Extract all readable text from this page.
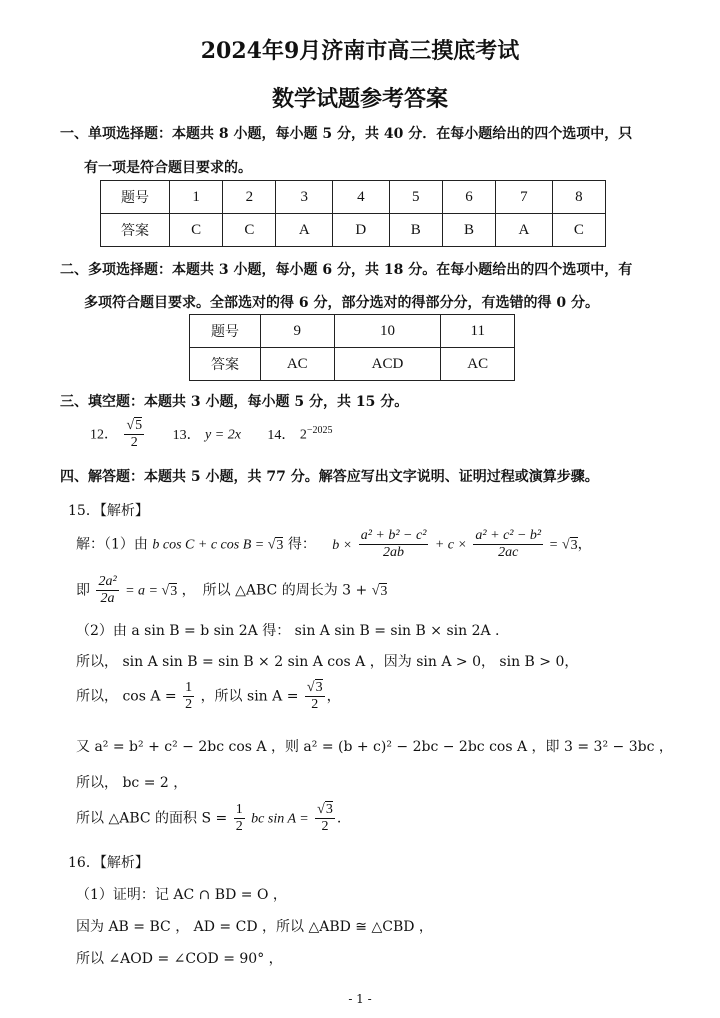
2024年9月济南市高三摸底考试
数学试题参考答案
一、单项选择题：本题共 8 小题，每小题 5 分，共 40 分．在每小题给出的四个选项中，只
有一项是符合题目要求的。
题号	1	2	3	4	5	6	7	8
答案	C	C	A	D	B	B	A	C
二、多项选择题：本题共 3 小题，每小题 6 分，共 18 分。在每小题给出的四个选项中，有
多项符合题目要求。全部选对的得 6 分，部分选对的得部分分，有选错的得 0 分。
题号	9	10	11
答案	AC	ACD	AC
三、填空题：本题共 3 小题，每小题 5 分，共 15 分。
12． $\frac{√5}{2} 13$． y = 2x 14． $2^{-2025}$
四、解答题：本题共 5 小题，共 77 分。解答应写出文字说明、证明过程或演算步骤。
15．【解析】
解：（1）由 b cos C + c cos B = √3 得： $b \times \frac{\text{a² + b² − c²}}{2ab} + c \times \frac{\text{a² + c² − b²}}{2ac} = √3$，
即 $\frac{\text{2a²}}{2a} = a = √3$ ，　所以 △ABC 的周长为 3 + √3
（2）由 a sin B = b sin 2A 得： sin A sin B = sin B × sin 2A .
所以， sin A sin B = sin B × 2 sin A cos A ，因为 sin A > 0， sin B > 0，
所以， $\cos A = \frac{1}{2}$ ，所以 $\sin A = \frac{√3}{2}$ ，
又 a² = b² + c² − 2bc cos A ，则 a² = (b + c)² − 2bc − 2bc cos A ，即 3 = 3² − 3bc ，
所以， bc = 2 ，
所以 △ABC 的面积 $S = \frac{1}{2}$ bc $\sin A = \frac{√3}{2}$ .
16．【解析】
（1）证明：记 AC ∩ BD = O ，
因为 AB = BC ， AD = CD ，所以 △ABD ≅ △CBD ，
所以 ∠AOD = ∠COD = 90° ，
- 1 -
